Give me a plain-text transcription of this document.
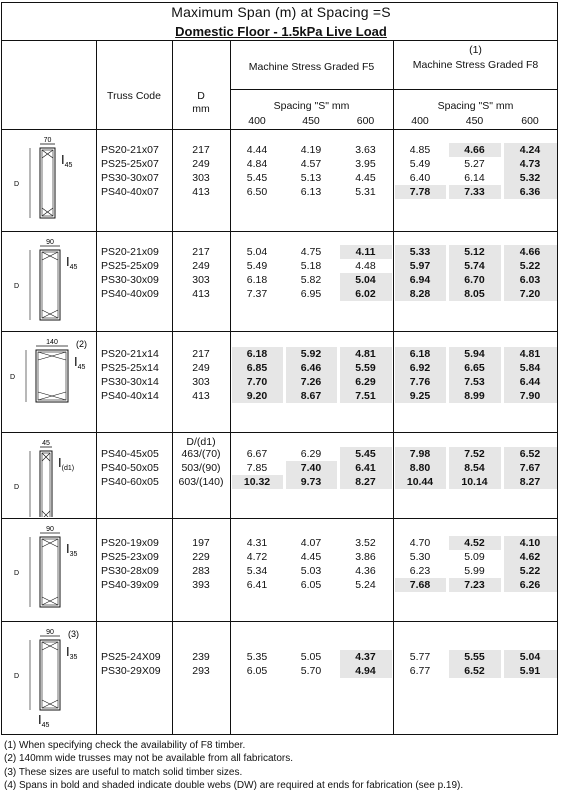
Maximum Span (m) at Spacing =S
Domestic Floor - 1.5kPa Live Load
Truss Code	D
mm
Machine Stress Graded F5
(1)
Machine Stress Graded F8
Spacing "S" mm	Spacing "S" mm
400	450	600	400	450	600
D/(d1)
PS20-21x07	217	4.44	4.19	3.63	4.85	4.66	4.24
PS25-25x07	249	4.84	4.57	3.95	5.49	5.27	4.73
PS30-30x07	303	5.45	5.13	4.45	6.40	6.14	5.32
PS40-40x07	413	6.50	6.13	5.31	7.78	7.33	6.36
70
D
$I_{45}$
PS20-21x09	217	5.04	4.75	4.11	5.33	5.12	4.66
PS25-25x09	249	5.49	5.18	4.48	5.97	5.74	5.22
PS30-30x09	303	6.18	5.82	5.04	6.94	6.70	6.03
PS40-40x09	413	7.37	6.95	6.02	8.28	8.05	7.20
90
D
$I_{45}$
PS20-21x14	217	6.18	5.92	4.81	6.18	5.94	4.81
PS25-25x14	249	6.85	6.46	5.59	6.92	6.65	5.84
PS30-30x14	303	7.70	7.26	6.29	7.76	7.53	6.44
PS40-40x14	413	9.20	8.67	7.51	9.25	8.99	7.90
140
D
$I_{45}$
(2)
PS40-45x05	463/(70)	6.67	6.29	5.45	7.98	7.52	6.52
PS40-50x05	503/(90)	7.85	7.40	6.41	8.80	8.54	7.67
PS40-60x05	603/(140)	10.32	9.73	8.27	10.44	10.14	8.27
45
D
$I_{(d1)}$
PS20-19x09	197	4.31	4.07	3.52	4.70	4.52	4.10
PS25-23x09	229	4.72	4.45	3.86	5.30	5.09	4.62
PS30-28x09	283	5.34	5.03	4.36	6.23	5.99	5.22
PS40-39x09	393	6.41	6.05	5.24	7.68	7.23	6.26
90
D
$I_{35}$
PS25-24X09	239	5.35	5.05	4.37	5.77	5.55	5.04
PS30-29X09	293	6.05	5.70	4.94	6.77	6.52	5.91
90
D
$I_{35}$
$I_{45}$
(3)
(1) When specifying check the availability of F8 timber.
(2) 140mm wide trusses may not be available from all fabricators.
(3) These sizes are useful to match solid timber sizes.
(4) Spans in bold and shaded indicate double webs (DW) are required at ends for fabrication (see p.19).
